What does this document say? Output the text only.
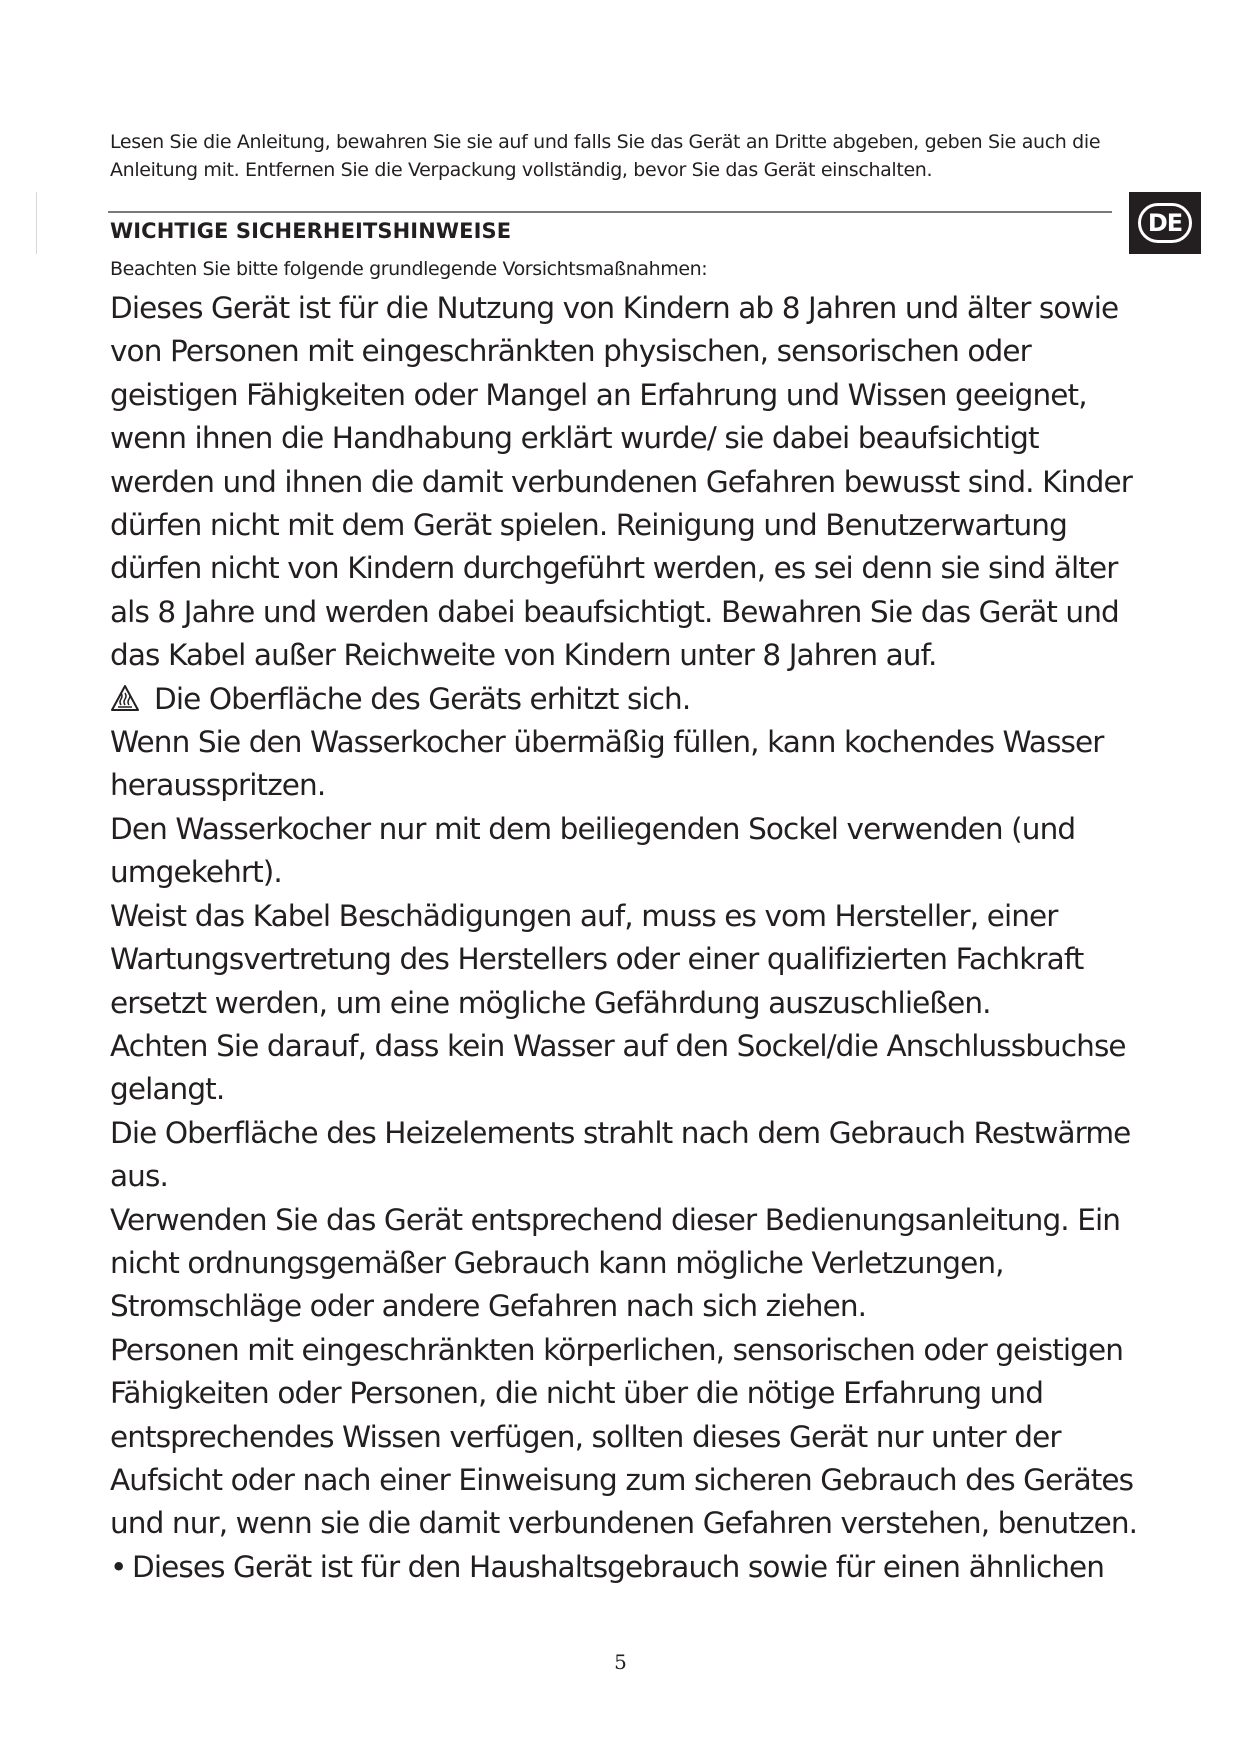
Lesen Sie die Anleitung, bewahren Sie sie auf und falls Sie das Gerät an Dritte abgeben, geben Sie auch die
Anleitung mit. Entfernen Sie die Verpackung vollständig, bevor Sie das Gerät einschalten.
DE
WICHTIGE SICHERHEITSHINWEISE
Beachten Sie bitte folgende grundlegende Vorsichtsmaßnahmen:
Dieses Gerät ist für die Nutzung von Kindern ab 8 Jahren und älter sowie
von Personen mit eingeschränkten physischen, sensorischen oder
geistigen Fähigkeiten oder Mangel an Erfahrung und Wissen geeignet,
wenn ihnen die Handhabung erklärt wurde/ sie dabei beaufsichtigt
werden und ihnen die damit verbundenen Gefahren bewusst sind. Kinder
dürfen nicht mit dem Gerät spielen. Reinigung und Benutzerwartung
dürfen nicht von Kindern durchgeführt werden, es sei denn sie sind älter
als 8 Jahre und werden dabei beaufsichtigt. Bewahren Sie das Gerät und
das Kabel außer Reichweite von Kindern unter 8 Jahren auf.
Die Oberfläche des Geräts erhitzt sich.
Wenn Sie den Wasserkocher übermäßig füllen, kann kochendes Wasser
herausspritzen.
Den Wasserkocher nur mit dem beiliegenden Sockel verwenden (und
umgekehrt).
Weist das Kabel Beschädigungen auf, muss es vom Hersteller, einer
Wartungsvertretung des Herstellers oder einer qualifizierten Fachkraft
ersetzt werden, um eine mögliche Gefährdung auszuschließen.
Achten Sie darauf, dass kein Wasser auf den Sockel/die Anschlussbuchse
gelangt.
Die Oberfläche des Heizelements strahlt nach dem Gebrauch Restwärme
aus.
Verwenden Sie das Gerät entsprechend dieser Bedienungsanleitung. Ein
nicht ordnungsgemäßer Gebrauch kann mögliche Verletzungen,
Stromschläge oder andere Gefahren nach sich ziehen.
Personen mit eingeschränkten körperlichen, sensorischen oder geistigen
Fähigkeiten oder Personen, die nicht über die nötige Erfahrung und
entsprechendes Wissen verfügen, sollten dieses Gerät nur unter der
Aufsicht oder nach einer Einweisung zum sicheren Gebrauch des Gerätes
und nur, wenn sie die damit verbundenen Gefahren verstehen, benutzen.
• Dieses Gerät ist für den Haushaltsgebrauch sowie für einen ähnlichen
5
